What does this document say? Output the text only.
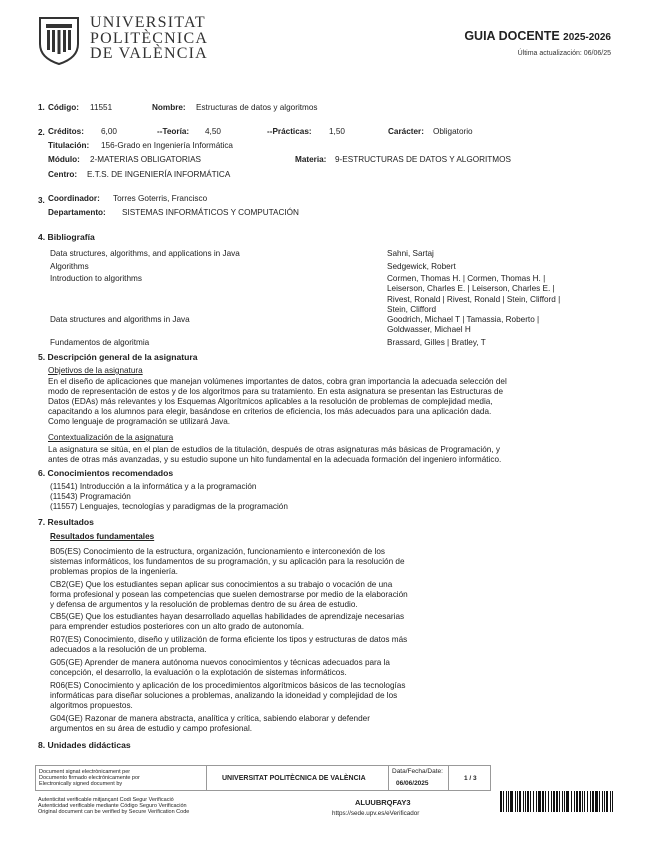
UNIVERSITAT
POLITÈCNICA
DE VALÈNCIA
GUIA DOCENTE 2025-2026
Última actualización: 06/06/25
1. Código: 11551	Nombre: Estructuras de datos y algoritmos
2. Créditos: 6,00	--Teoría: 4,50	--Prácticas: 1,50	Carácter: Obligatorio
Titulación: 156-Grado en Ingeniería Informática
Módulo: 2-MATERIAS OBLIGATORIAS	Materia: 9-ESTRUCTURAS DE DATOS Y ALGORITMOS
Centro: E.T.S. DE INGENIERÍA INFORMÁTICA
3. Coordinador: Torres Goterris, Francisco
Departamento: SISTEMAS INFORMÁTICOS Y COMPUTACIÓN
4. Bibliografía
Data structures, algorithms, and applications in Java	Sahni, Sartaj
Algorithms	Sedgewick, Robert
Introduction to algorithms	Cormen, Thomas H. | Cormen, Thomas H. |
Leiserson, Charles E. | Leiserson, Charles E. |
Rivest, Ronald | Rivest, Ronald | Stein, Clifford |
Stein, Clifford
Data structures and algorithms in Java	Goodrich, Michael T | Tamassia, Roberto |
Goldwasser, Michael H
Fundamentos de algoritmia	Brassard, Gilles | Bratley, T
5. Descripción general de la asignatura
Objetivos de la asignatura
En el diseño de aplicaciones que manejan volúmenes importantes de datos, cobra gran importancia la adecuada selección del
modo de representación de estos y de los algoritmos para su tratamiento. En esta asignatura se presentan las Estructuras de
Datos (EDAs) más relevantes y los Esquemas Algorítmicos aplicables a la resolución de problemas de complejidad media,
capacitando a los alumnos para elegir, basándose en criterios de eficiencia, los más adecuados para una aplicación dada.
Como lenguaje de programación se utilizará Java.
Contextualización de la asignatura
La asignatura se sitúa, en el plan de estudios de la titulación, después de otras asignaturas más básicas de Programación, y
antes de otras más avanzadas, y su estudio supone un hito fundamental en la adecuada formación del ingeniero informático.
6. Conocimientos recomendados
(11541) Introducción a la informática y a la programación
(11543) Programación
(11557) Lenguajes, tecnologías y paradigmas de la programación
7. Resultados
Resultados fundamentales
B05(ES) Conocimiento de la estructura, organización, funcionamiento e interconexión de los
sistemas informáticos, los fundamentos de su programación, y su aplicación para la resolución de
problemas propios de la ingeniería.
CB2(GE) Que los estudiantes sepan aplicar sus conocimientos a su trabajo o vocación de una
forma profesional y posean las competencias que suelen demostrarse por medio de la elaboración
y defensa de argumentos y la resolución de problemas dentro de su área de estudio.
CB5(GE) Que los estudiantes hayan desarrollado aquellas habilidades de aprendizaje necesarias
para emprender estudios posteriores con un alto grado de autonomía.
R07(ES) Conocimiento, diseño y utilización de forma eficiente los tipos y estructuras de datos más
adecuados a la resolución de un problema.
G05(GE) Aprender de manera autónoma nuevos conocimientos y técnicas adecuados para la
concepción, el desarrollo, la evaluación o la explotación de sistemas informáticos.
R06(ES) Conocimiento y aplicación de los procedimientos algorítmicos básicos de las tecnologías
informáticas para diseñar soluciones a problemas, analizando la idoneidad y complejidad de los
algoritmos propuestos.
G04(GE) Razonar de manera abstracta, analítica y crítica, sabiendo elaborar y defender
argumentos en su área de estudio y campo profesional.
8. Unidades didácticas
Document signat electrònicament per
Documento firmado electrónicamente por
Electronically signed document by
UNIVERSITAT POLITÈCNICA DE VALÈNCIA
Data/Fecha/Date:
06/06/2025
1 / 3
Autenticitat verificable mitjançant Codi Segur Verificació
Autenticidad verificable mediante Código Seguro Verificación
Original document can be verified by Secure Verification Code
ALUUBRQFAY3
https://sede.upv.es/eVerificador
